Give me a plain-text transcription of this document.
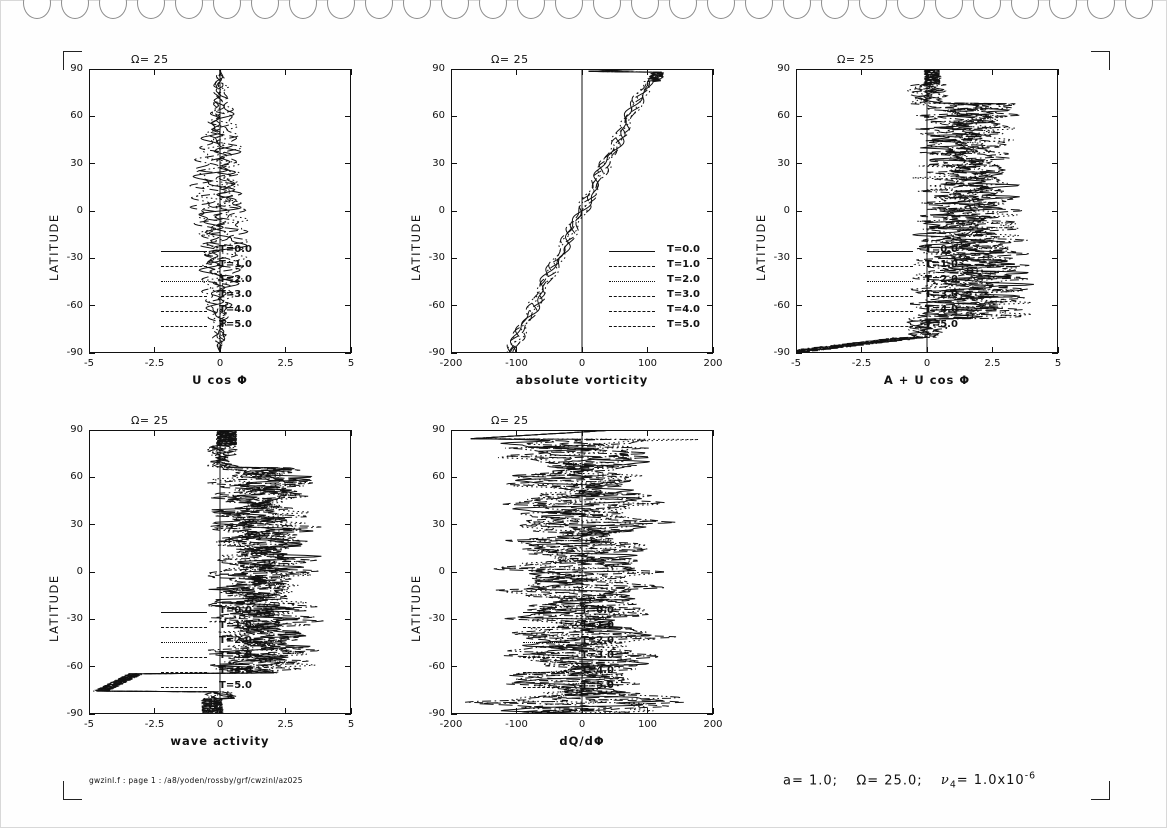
Ω= 25
U cos Φ
LATITUDE
Ω= 25
absolute vorticity
LATITUDE
Ω= 25
A + U cos Φ
LATITUDE
Ω= 25
wave activity
LATITUDE
Ω= 25
dQ/dΦ
LATITUDE
gwzinl.f : page 1 : /a8/yoden/rossby/grf/cwzinl/az025	a= 1.0; Ω= 25.0; $\nu_4= 1.0x10^{-6}$
-5	-2.5	0	2.5	5
90
60
30
0
-30
-60
-90
T=0.0
T=1.0
T=2.0
T=3.0
T=4.0
T=5.0
-200	-100	0	100	200
90
60
30
0
-30
-60
-90
T=0.0
T=1.0
T=2.0
T=3.0
T=4.0
T=5.0
-5	-2.5	0	2.5	5
90
60
30
0
-30
-60
-90
T=0.0
T=1.0
T=2.0
T=3.0
T=4.0
T=5.0
-5	-2.5	0	2.5	5
90
60
30
0
-30
-60
-90
T=0.0
T=1.0
T=2.0
T=3.0
T=4.0
T=5.0
-200	-100	0	100	200
90
60
30
0
-30
-60
-90
T=0.0
T=1.0
T=2.0
T=3.0
T=4.0
T=5.0
